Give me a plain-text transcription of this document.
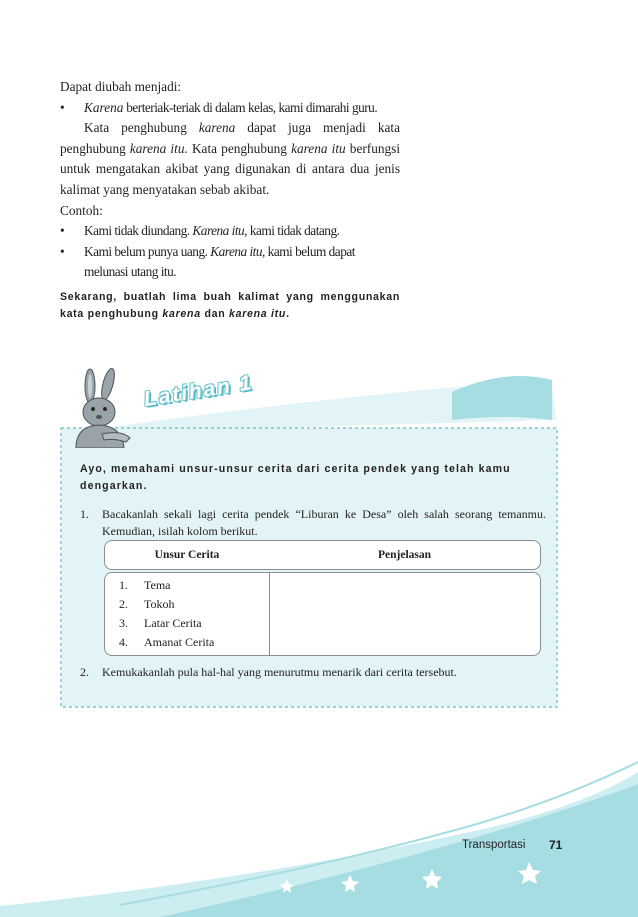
Dapat diubah menjadi:

• Karena berteriak-teriak di dalam kelas, kami dimarahi guru.

Kata penghubung karena dapat juga menjadi kata penghubung karena itu. Kata penghubung karena itu berfungsi untuk mengatakan akibat yang digunakan di antara dua jenis kalimat yang menyatakan sebab akibat.

Contoh:

• Kami tidak diundang. Karena itu, kami tidak datang.

• Kami belum punya uang. Karena itu, kami belum dapat melunasi utang itu.

Sekarang, buatlah lima buah kalimat yang menggunakan kata penghubung karena dan karena itu.

Latihan 1

Ayo, memahami unsur-unsur cerita dari cerita pendek yang telah kamu dengarkan.

1. Bacakanlah sekali lagi cerita pendek “Liburan ke Desa” oleh salah seorang temanmu. Kemudian, isilah kolom berikut.

Unsur Cerita	Penjelasan
1. Tema
2. Tokoh
3. Latar Cerita
4. Amanat Cerita

2. Kemukakanlah pula hal-hal yang menurutmu menarik dari cerita tersebut.

Transportasi 71
